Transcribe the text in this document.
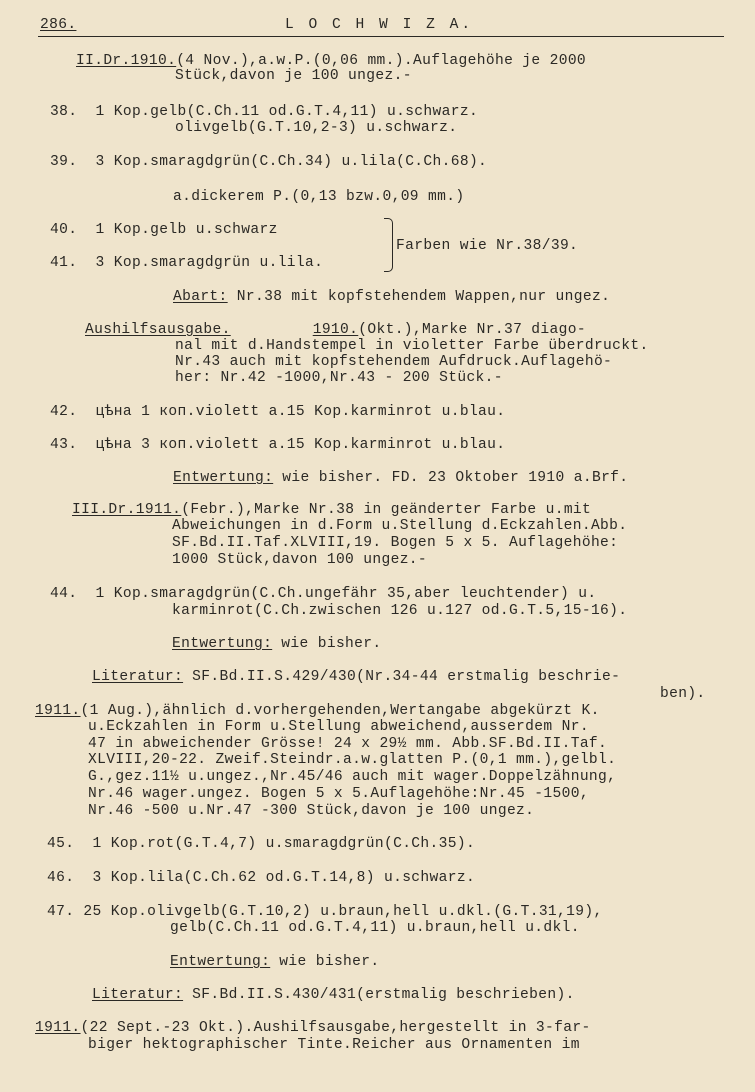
286.	L O C H W I Z A.
II.Dr.1910.(4 Nov.),a.w.P.(0,06 mm.).Auflagehöhe je 2000
Stück,davon je 100 ungez.-
38.  1 Kop.gelb(C.Ch.11 od.G.T.4,11) u.schwarz.
olivgelb(G.T.10,2-3) u.schwarz.
39.  3 Kop.smaragdgrün(C.Ch.34) u.lila(C.Ch.68).
a.dickerem P.(0,13 bzw.0,09 mm.)
40.  1 Kop.gelb u.schwarz
Farben wie Nr.38/39.
41.  3 Kop.smaragdgrün u.lila.
Abart: Nr.38 mit kopfstehendem Wappen,nur ungez.
Aushilfsausgabe.	1910.(Okt.),Marke Nr.37 diago-
nal mit d.Handstempel in violetter Farbe überdruckt.
Nr.43 auch mit kopfstehendem Aufdruck.Auflagehö-
her: Nr.42 -1000,Nr.43 - 200 Stück.-
42.  цѣна 1 коп.violett a.15 Kop.karminrot u.blau.
43.  цѣна 3 коп.violett a.15 Kop.karminrot u.blau.
Entwertung: wie bisher. FD. 23 Oktober 1910 a.Brf.
III.Dr.1911.(Febr.),Marke Nr.38 in geänderter Farbe u.mit
Abweichungen in d.Form u.Stellung d.Eckzahlen.Abb.
SF.Bd.II.Taf.XLVIII,19. Bogen 5 x 5. Auflagehöhe:
1000 Stück,davon 100 ungez.-
44.  1 Kop.smaragdgrün(C.Ch.ungefähr 35,aber leuchtender) u.
karminrot(C.Ch.zwischen 126 u.127 od.G.T.5,15-16).
Entwertung: wie bisher.
Literatur: SF.Bd.II.S.429/430(Nr.34-44 erstmalig beschrie-
ben).
1911.(1 Aug.),ähnlich d.vorhergehenden,Wertangabe abgekürzt K.
u.Eckzahlen in Form u.Stellung abweichend,ausserdem Nr.
47 in abweichender Grösse! 24 x 29½ mm. Abb.SF.Bd.II.Taf.
XLVIII,20-22. Zweif.Steindr.a.w.glatten P.(0,1 mm.),gelbl.
G.,gez.11½ u.ungez.,Nr.45/46 auch mit wager.Doppelzähnung,
Nr.46 wager.ungez. Bogen 5 x 5.Auflagehöhe:Nr.45 -1500,
Nr.46 -500 u.Nr.47 -300 Stück,davon je 100 ungez.
45.  1 Kop.rot(G.T.4,7) u.smaragdgrün(C.Ch.35).
46.  3 Kop.lila(C.Ch.62 od.G.T.14,8) u.schwarz.
47. 25 Kop.olivgelb(G.T.10,2) u.braun,hell u.dkl.(G.T.31,19),
gelb(C.Ch.11 od.G.T.4,11) u.braun,hell u.dkl.
Entwertung: wie bisher.
Literatur: SF.Bd.II.S.430/431(erstmalig beschrieben).
1911.(22 Sept.-23 Okt.).Aushilfsausgabe,hergestellt in 3-far-
biger hektographischer Tinte.Reicher aus Ornamenten im
